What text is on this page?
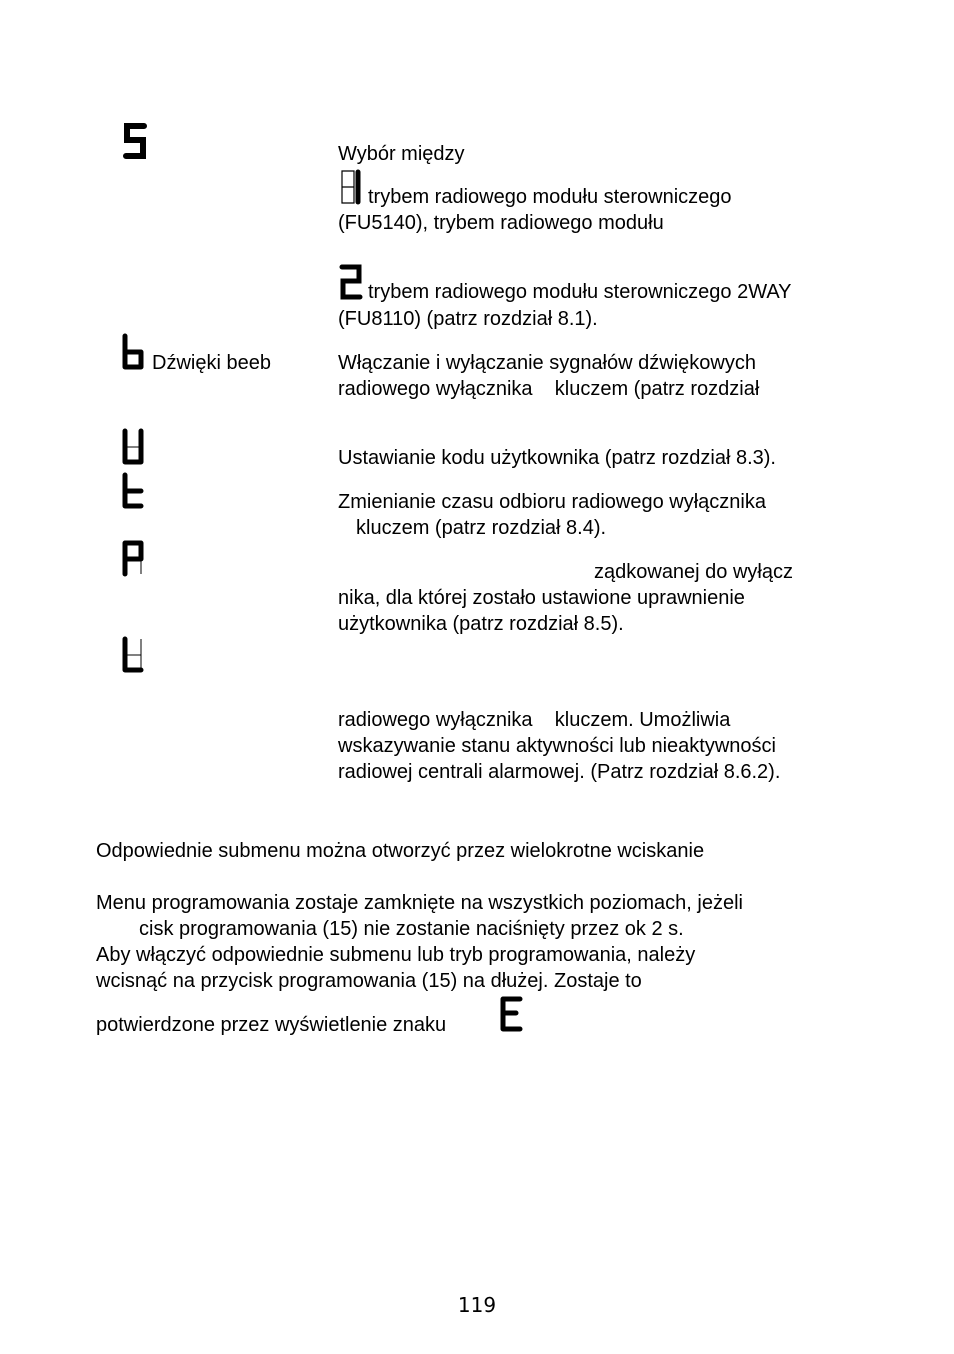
Wybór między
trybem radiowego modułu sterowniczego
(FU5140), trybem radiowego modułu
trybem radiowego modułu sterowniczego 2WAY
(FU8110) (patrz rozdział 8.1).
Dźwięki beeb	Włączanie i wyłączanie sygnałów dźwiękowych
radiowego wyłącznika    kluczem (patrz rozdział
Ustawianie kodu użytkownika (patrz rozdział 8.3).
Zmienianie czasu odbioru radiowego wyłącznika
kluczem (patrz rozdział 8.4).
ządkowanej do wyłącz
nika, dla której zostało ustawione uprawnienie
użytkownika (patrz rozdział 8.5).
radiowego wyłącznika    kluczem. Umożliwia
wskazywanie stanu aktywności lub nieaktywności
radiowej centrali alarmowej. (Patrz rozdział 8.6.2).
Odpowiednie submenu można otworzyć przez wielokrotne wciskanie
Menu programowania zostaje zamknięte na wszystkich poziomach, jeżeli
cisk programowania (15) nie zostanie naciśnięty przez ok 2 s.
Aby włączyć odpowiednie submenu lub tryb programowania, należy
wcisnąć na przycisk programowania (15) na dłużej. Zostaje to
potwierdzone przez wyświetlenie znaku
119
